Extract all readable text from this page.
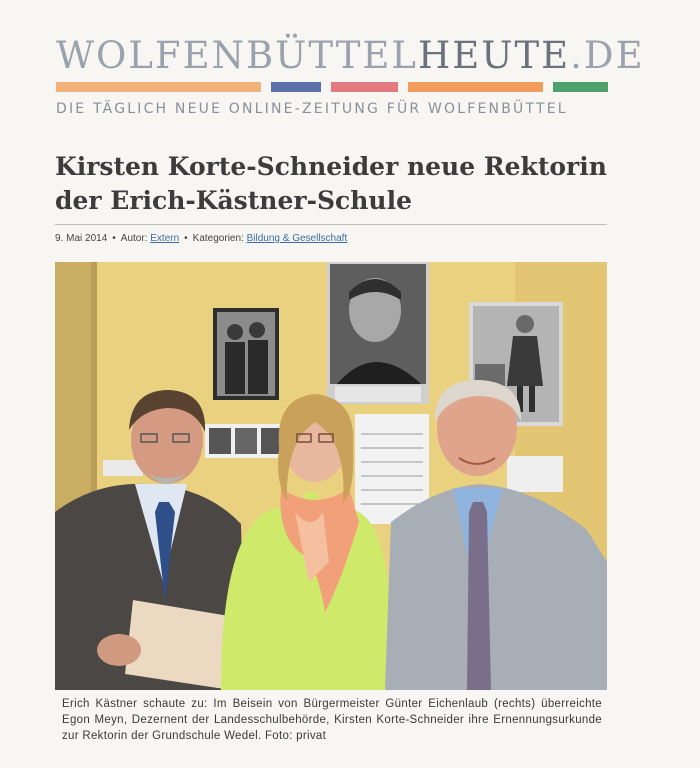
WOLFENBÜTTELHEUTE.DE
DIE TÄGLICH NEUE ONLINE-ZEITUNG FÜR WOLFENBÜTTEL
Kirsten Korte-Schneider neue Rektorin der Erich-Kästner-Schule
9. Mai 2014 • Autor: Extern • Kategorien: Bildung & Gesellschaft

Erich Kästner schaute zu: Im Beisein von Bürgermeister Günter Eichenlaub (rechts) überreichte Egon Meyn, Dezernent der Landesschulbehörde, Kirsten Korte-Schneider ihre Ernennungsurkunde zur Rektorin der Grundschule Wedel. Foto: privat
